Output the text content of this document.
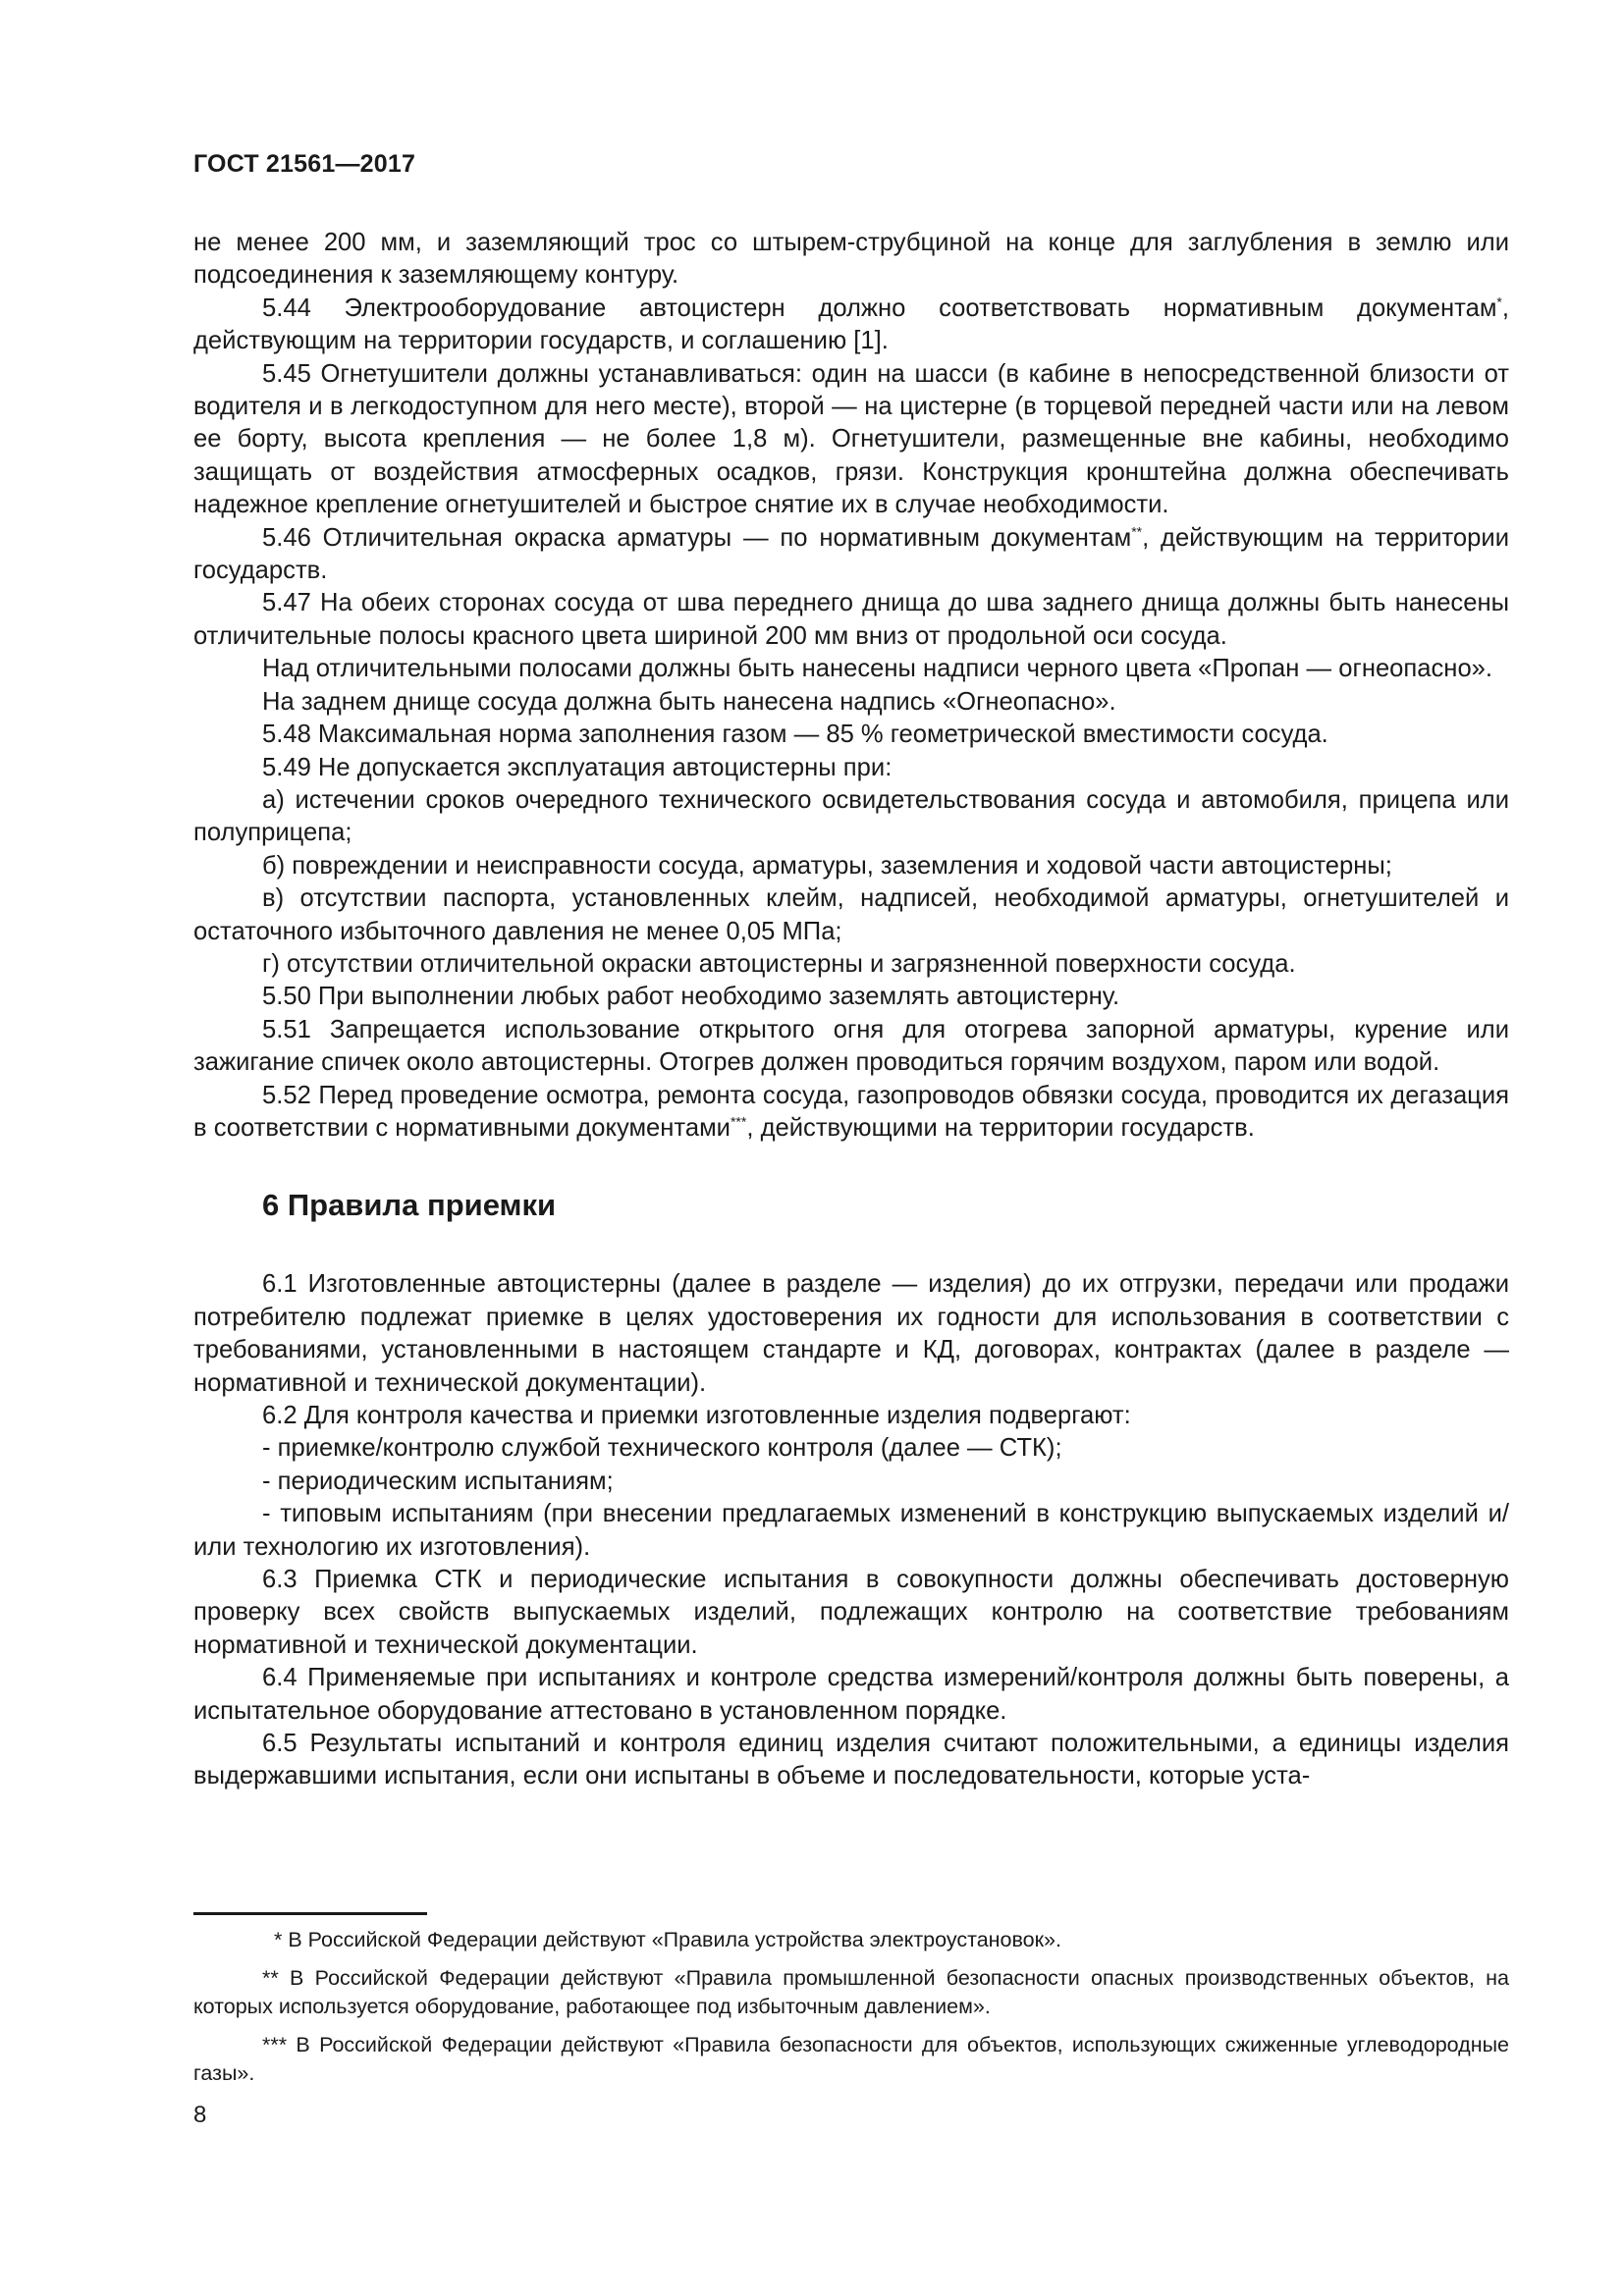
ГОСТ 21561—2017

не менее 200 мм, и заземляющий трос со штырем-струбциной на конце для заглубления в землю или подсоединения к заземляющему контуру.

5.44 Электрооборудование автоцистерн должно соответствовать нормативным документам*, действующим на территории государств, и соглашению [1].

5.45 Огнетушители должны устанавливаться: один на шасси (в кабине в непосредственной близости от водителя и в легкодоступном для него месте), второй — на цистерне (в торцевой передней части или на левом ее борту, высота крепления — не более 1,8 м). Огнетушители, размещенные вне кабины, необходимо защищать от воздействия атмосферных осадков, грязи. Конструкция кронштейна должна обеспечивать надежное крепление огнетушителей и быстрое снятие их в случае необходимости.

5.46 Отличительная окраска арматуры — по нормативным документам**, действующим на территории государств.

5.47 На обеих сторонах сосуда от шва переднего днища до шва заднего днища должны быть нанесены отличительные полосы красного цвета шириной 200 мм вниз от продольной оси сосуда.

Над отличительными полосами должны быть нанесены надписи черного цвета «Пропан — огнеопасно».

На заднем днище сосуда должна быть нанесена надпись «Огнеопасно».

5.48 Максимальная норма заполнения газом — 85 % геометрической вместимости сосуда.

5.49 Не допускается эксплуатация автоцистерны при:

а) истечении сроков очередного технического освидетельствования сосуда и автомобиля, прицепа или полуприцепа;

б) повреждении и неисправности сосуда, арматуры, заземления и ходовой части автоцистерны;

в) отсутствии паспорта, установленных клейм, надписей, необходимой арматуры, огнетушителей и остаточного избыточного давления не менее 0,05 МПа;

г) отсутствии отличительной окраски автоцистерны и загрязненной поверхности сосуда.

5.50 При выполнении любых работ необходимо заземлять автоцистерну.

5.51 Запрещается использование открытого огня для отогрева запорной арматуры, курение или зажигание спичек около автоцистерны. Отогрев должен проводиться горячим воздухом, паром или водой.

5.52 Перед проведение осмотра, ремонта сосуда, газопроводов обвязки сосуда, проводится их дегазация в соответствии с нормативными документами***, действующими на территории государств.

6 Правила приемки

6.1 Изготовленные автоцистерны (далее в разделе — изделия) до их отгрузки, передачи или продажи потребителю подлежат приемке в целях удостоверения их годности для использования в соответствии с требованиями, установленными в настоящем стандарте и КД, договорах, контрактах (далее в разделе — нормативной и технической документации).

6.2 Для контроля качества и приемки изготовленные изделия подвергают:

- приемке/контролю службой технического контроля (далее — СТК);

- периодическим испытаниям;

- типовым испытаниям (при внесении предлагаемых изменений в конструкцию выпускаемых изделий и/или технологию их изготовления).

6.3 Приемка СТК и периодические испытания в совокупности должны обеспечивать достоверную проверку всех свойств выпускаемых изделий, подлежащих контролю на соответствие требованиям нормативной и технической документации.

6.4 Применяемые при испытаниях и контроле средства измерений/контроля должны быть поверены, а испытательное оборудование аттестовано в установленном порядке.

6.5 Результаты испытаний и контроля единиц изделия считают положительными, а единицы изделия выдержавшими испытания, если они испытаны в объеме и последовательности, которые уста-

* В Российской Федерации действуют «Правила устройства электроустановок».

** В Российской Федерации действуют «Правила промышленной безопасности опасных производственных объектов, на которых используется оборудование, работающее под избыточным давлением».

*** В Российской Федерации действуют «Правила безопасности для объектов, использующих сжиженные углеводородные газы».

8
